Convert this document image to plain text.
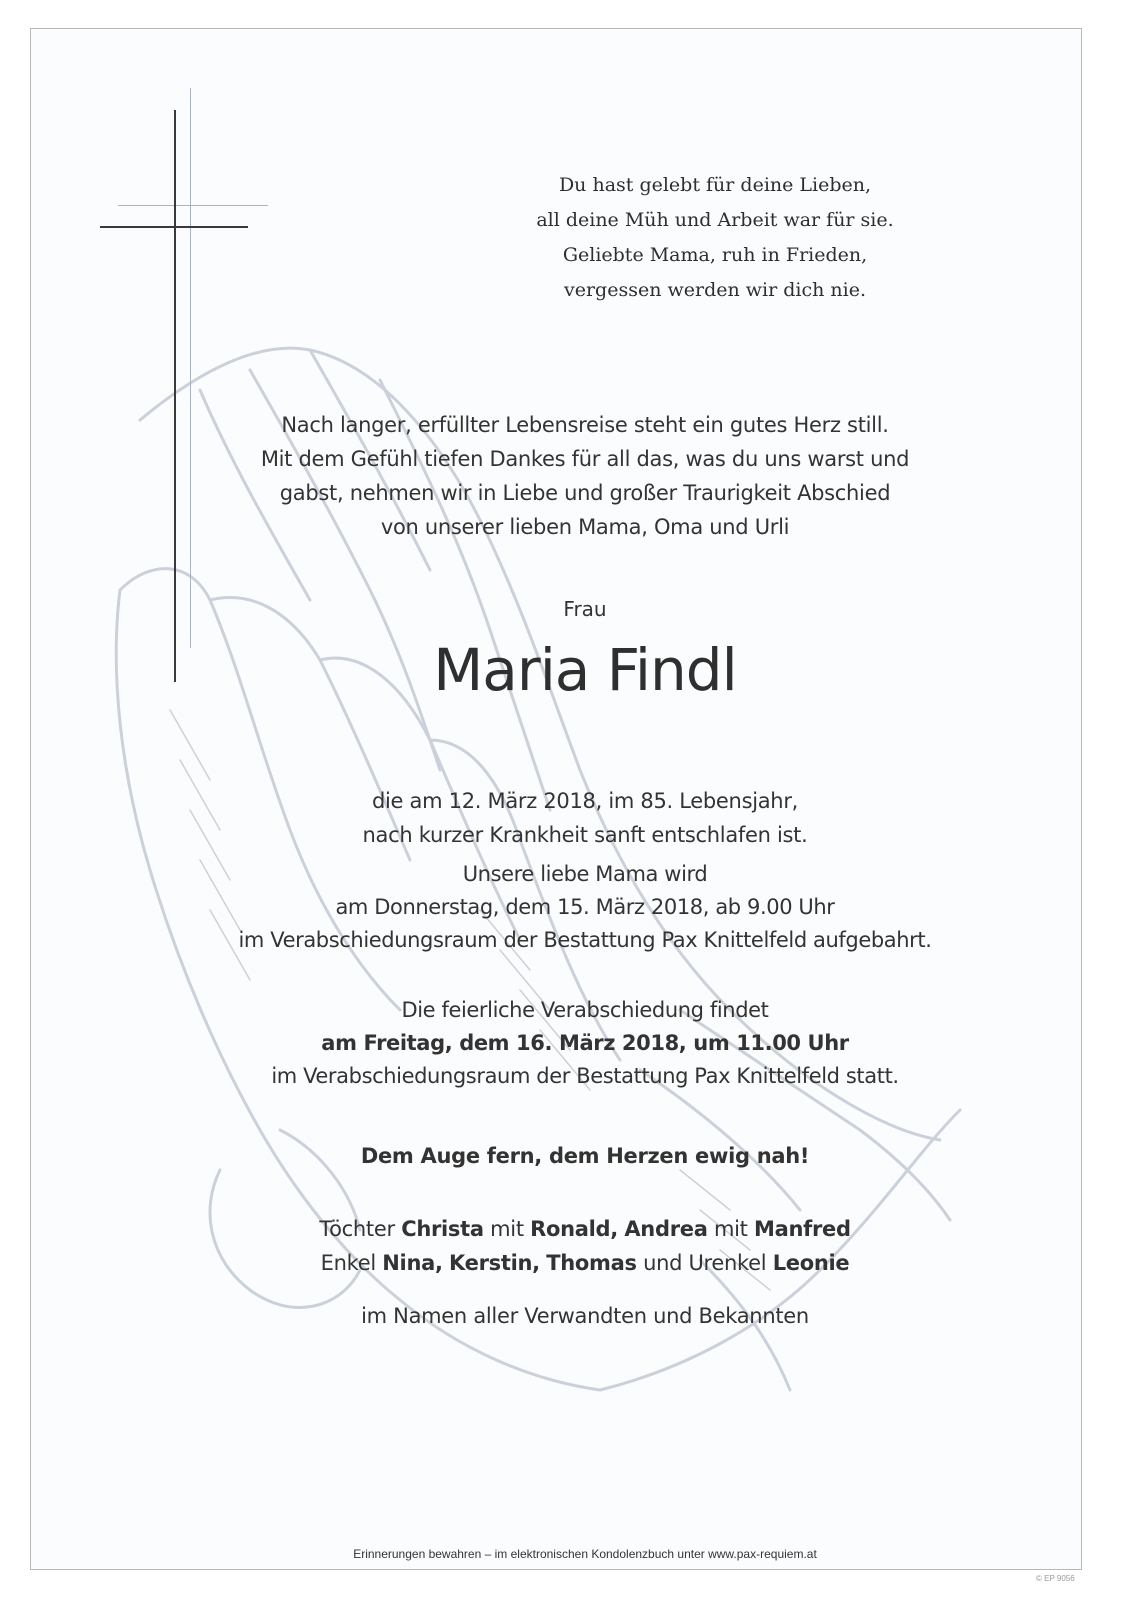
Du hast gelebt für deine Lieben,
all deine Müh und Arbeit war für sie.
Geliebte Mama, ruh in Frieden,
vergessen werden wir dich nie.
Nach langer, erfüllter Lebensreise steht ein gutes Herz still.
Mit dem Gefühl tiefen Dankes für all das, was du uns warst und
gabst, nehmen wir in Liebe und großer Traurigkeit Abschied
von unserer lieben Mama, Oma und Urli
Frau
Maria Findl
die am 12. März 2018, im 85. Lebensjahr,
nach kurzer Krankheit sanft entschlafen ist.
Unsere liebe Mama wird
am Donnerstag, dem 15. März 2018, ab 9.00 Uhr
im Verabschiedungsraum der Bestattung Pax Knittelfeld aufgebahrt.
Die feierliche Verabschiedung findet
am Freitag, dem 16. März 2018, um 11.00 Uhr
im Verabschiedungsraum der Bestattung Pax Knittelfeld statt.
Dem Auge fern, dem Herzen ewig nah!
Töchter Christa mit Ronald, Andrea mit Manfred
Enkel Nina, Kerstin, Thomas und Urenkel Leonie
im Namen aller Verwandten und Bekannten
Erinnerungen bewahren – im elektronischen Kondolenzbuch unter www.pax-requiem.at
© EP 9056
